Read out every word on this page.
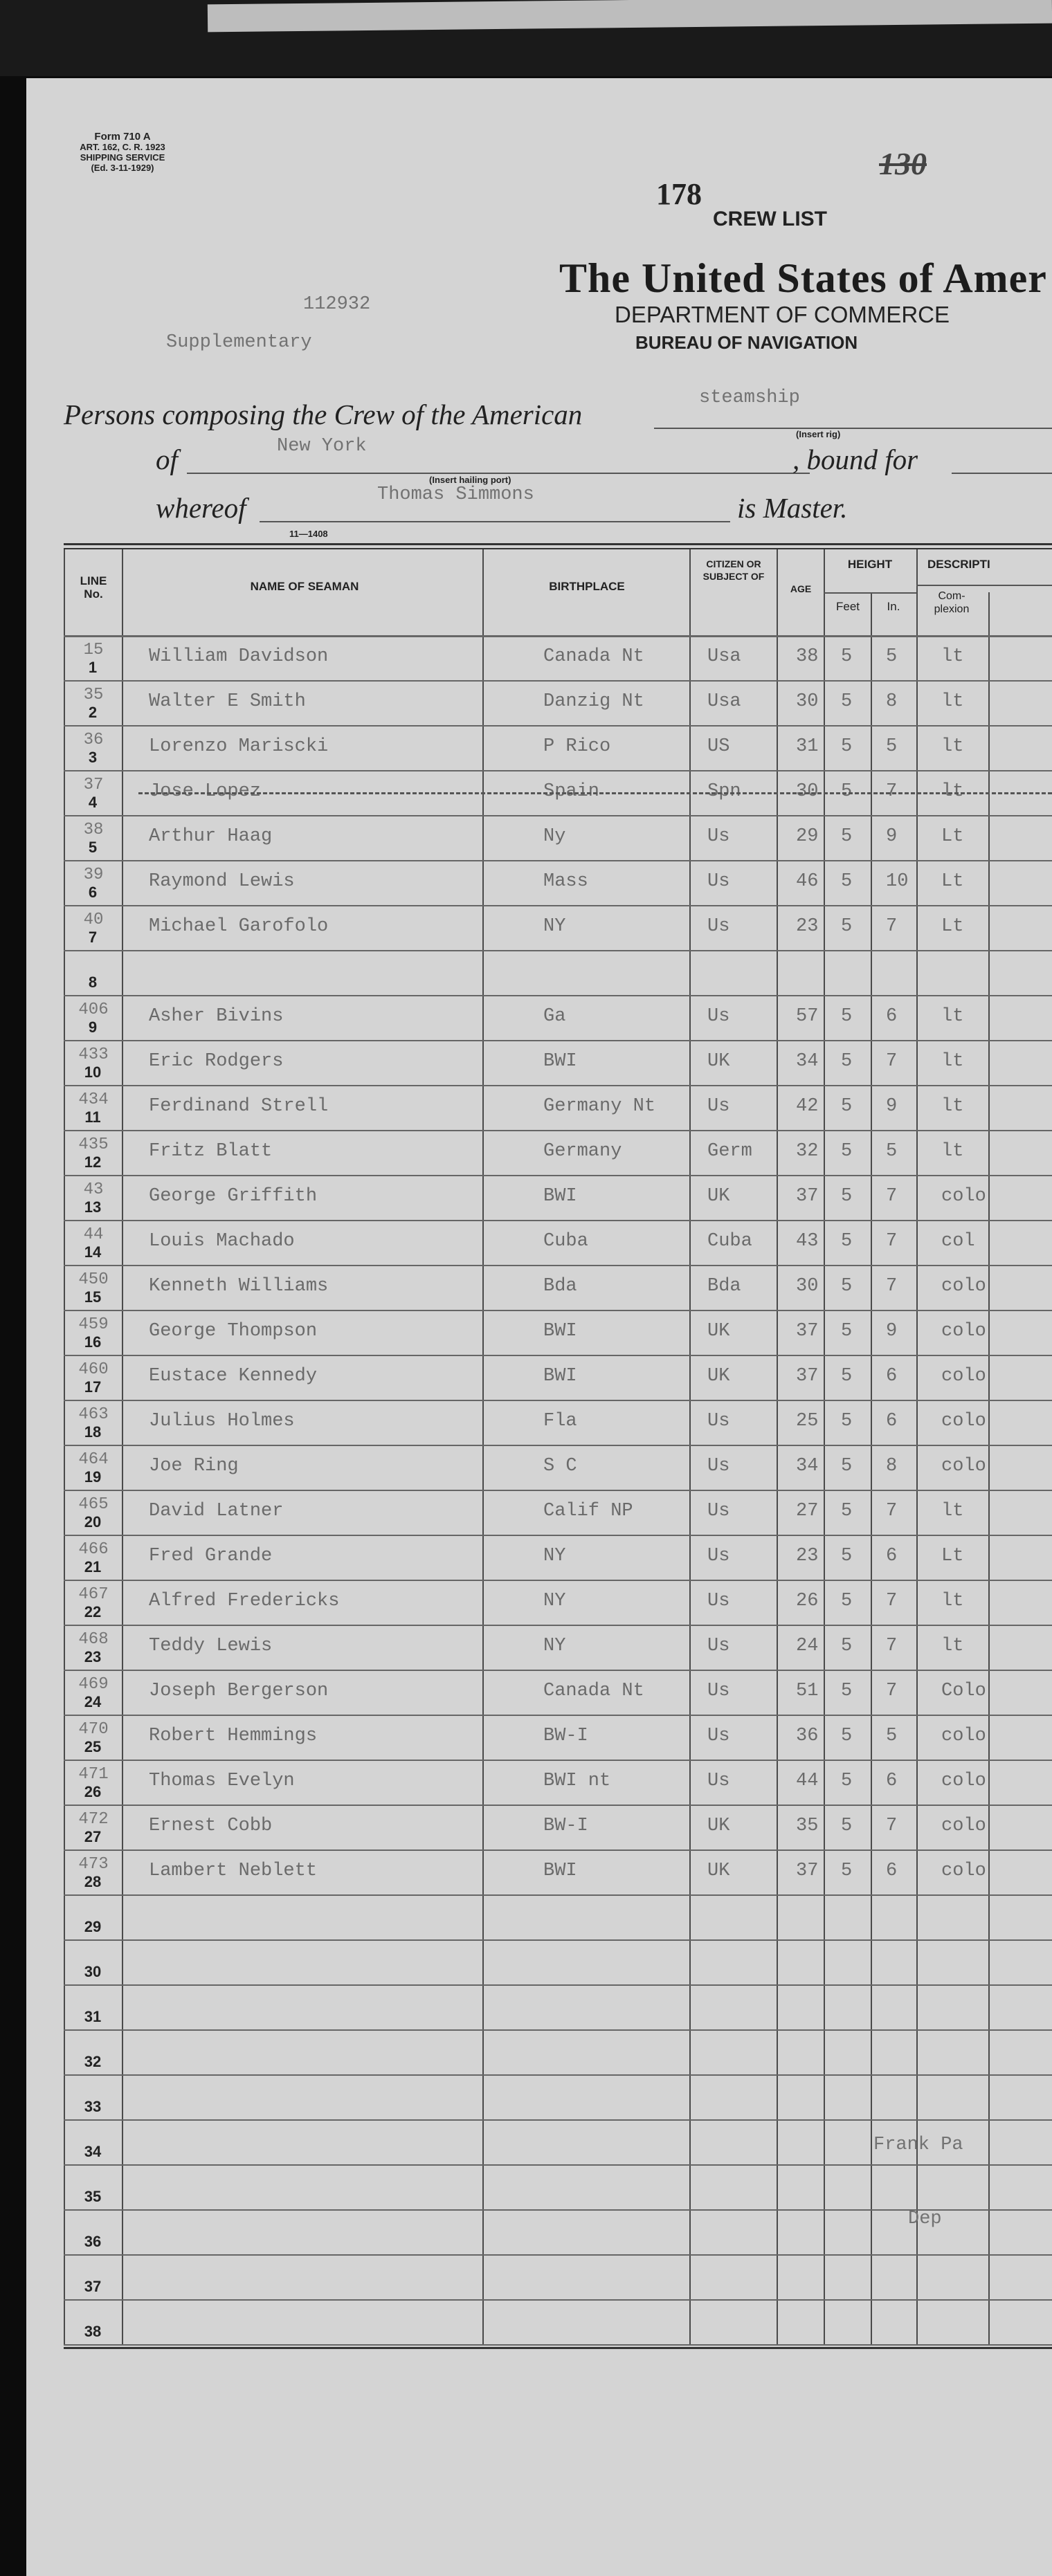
Form 710 A
ART. 162, C. R. 1923
SHIPPING SERVICE
(Ed. 3-11-1929)
178
130
CREW LIST
The United States of Amer
DEPARTMENT OF COMMERCE
BUREAU OF NAVIGATION
112932
Supplementary
Persons composing the Crew of the American
steamship
(Insert rig)
of	New York
(Insert hailing port)
, bound for
whereof	Thomas Simmons	is Master.
11—1408
LINE No.
NAME OF SEAMAN	BIRTHPLACE
CITIZEN OR SUBJECT OF
AGE
HEIGHT
Feet	In.
DESCRIPTI
Com- plexion
1
15	William Davidson	Canada Nt	Usa	38 5 5 lt
2
35	Walter E Smith	Danzig Nt	Usa	30 5 8 lt
3
36	Lorenzo Mariscki	P Rico	US	31 5 5 lt
4
37	Jose Lopez	Spain	Spn	30 5 7 lt
5
38	Arthur Haag	Ny	Us	29 5 9 Lt
6
39	Raymond Lewis	Mass	Us	46 5 10 Lt
7
40	Michael Garofolo	NY	Us	23 5 7 Lt
8
9
406	Asher Bivins	Ga	Us	57 5 6 lt
10
433	Eric Rodgers	BWI	UK	34 5 7 lt
11
434	Ferdinand Strell	Germany Nt	Us	42 5 9 lt
12
435	Fritz Blatt	Germany	Germ 32 5 5 lt
13
43	George Griffith	BWI	UK	37 5 7 colo
14
44	Louis Machado	Cuba	Cuba 43 5 7 col
15
450	Kenneth Williams	Bda	Bda	30 5 7 colo
16
459	George Thompson	BWI	UK	37 5 9 colo
17
460	Eustace Kennedy	BWI	UK	37 5 6 colo
18
463	Julius Holmes	Fla	Us	25 5 6 colo
19
464	Joe Ring	S C	Us	34 5 8 colo
20
465	David Latner	Calif NP	Us	27 5 7 lt
21
466	Fred Grande	NY	Us	23 5 6 Lt
22
467	Alfred Fredericks	NY	Us	26 5 7 lt
23
468	Teddy Lewis	NY	Us	24 5 7 lt
24
469	Joseph Bergerson	Canada Nt	Us	51 5 7 Colo
25
470	Robert Hemmings	BW-I	Us	36 5 5 colo
26
471	Thomas Evelyn	BWI nt	Us	44 5 6 colo
27
472	Ernest Cobb	BW-I	UK	35 5 7 colo
28
473	Lambert Neblett	BWI	UK	37 5 6 colo
29
30
31
32
33
34
35
36
37
38
Frank Pa
Dep
